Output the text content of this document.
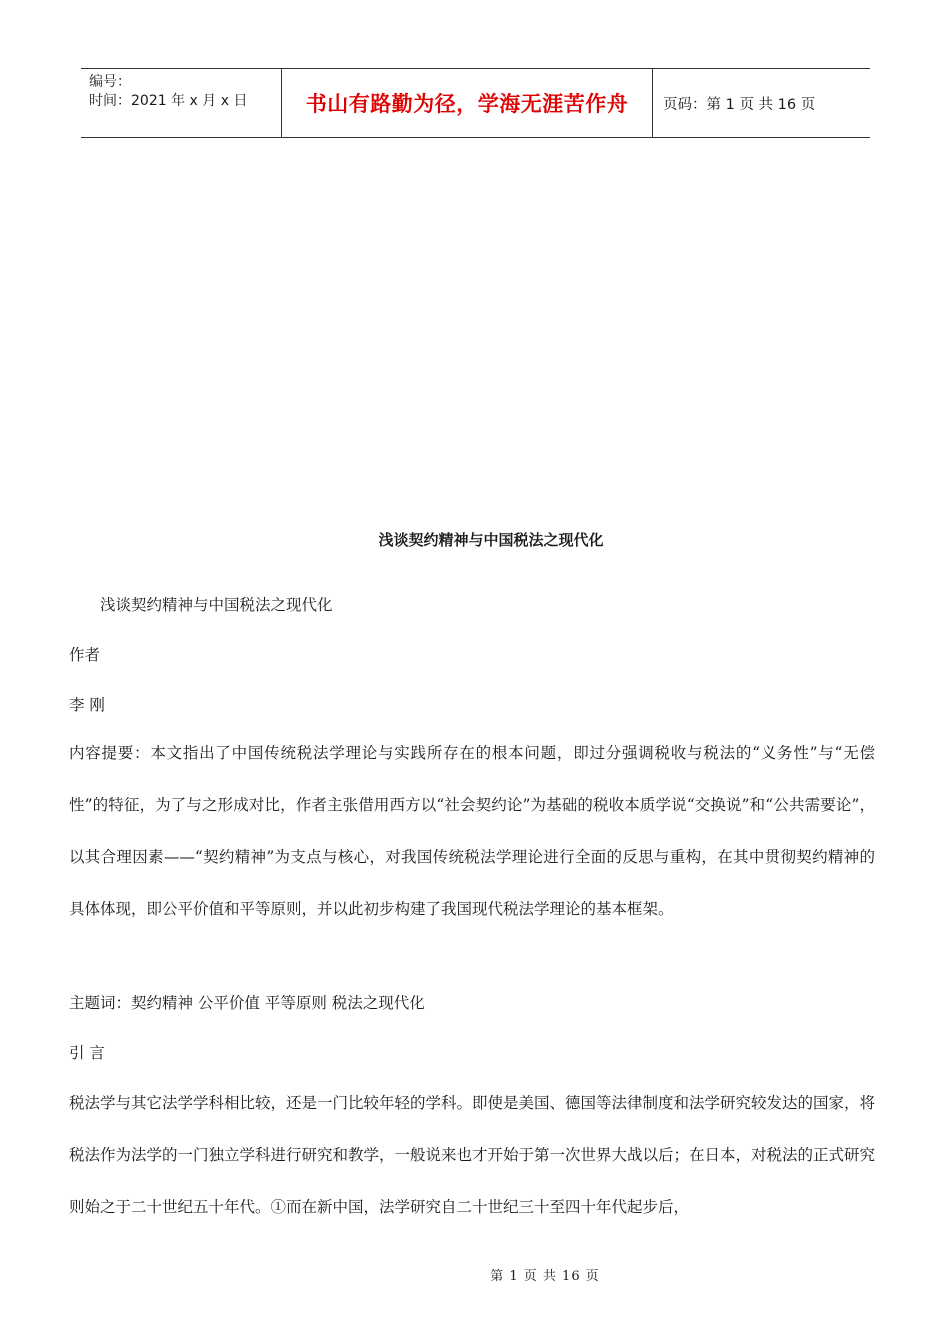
编号：
时间：2021 年 x 月 x 日	书山有路勤为径，学海无涯苦作舟 页码：第 1 页 共 16 页
浅谈契约精神与中国税法之现代化
浅谈契约精神与中国税法之现代化
作者
李 刚
内容提要：本文指出了中国传统税法学理论与实践所存在的根本问题，即过分强调税收与税法的“义务性”与“无偿性”的特征，为了与之形成对比，作者主张借用西方以“社会契约论”为基础的税收本质学说“交换说”和“公共需要论”，以其合理因素——“契约精神”为支点与核心，对我国传统税法学理论进行全面的反思与重构，在其中贯彻契约精神的具体体现，即公平价值和平等原则，并以此初步构建了我国现代税法学理论的基本框架。
主题词：契约精神 公平价值 平等原则 税法之现代化
引 言
税法学与其它法学学科相比较，还是一门比较年轻的学科。即使是美国、德国等法律制度和法学研究较发达的国家，将税法作为法学的一门独立学科进行研究和教学，一般说来也才开始于第一次世界大战以后；在日本，对税法的正式研究则始之于二十世纪五十年代。①而在新中国，法学研究自二十世纪三十至四十年代起步后，
第 1 页 共 16 页
